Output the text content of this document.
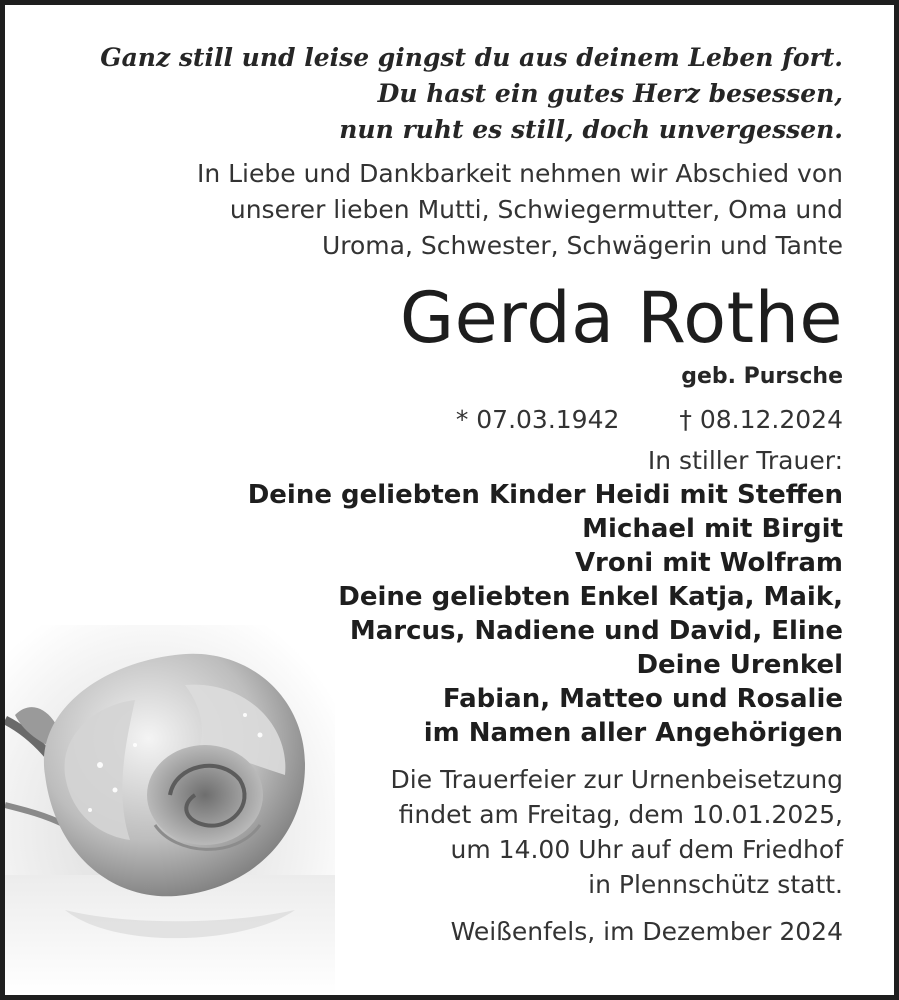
Ganz still und leise gingst du aus deinem Leben fort.
Du hast ein gutes Herz besessen,
nun ruht es still, doch unvergessen.
In Liebe und Dankbarkeit nehmen wir Abschied von
unserer lieben Mutti, Schwiegermutter, Oma und
Uroma, Schwester, Schwägerin und Tante
Gerda Rothe
geb. Pursche
* 07.03.1942 † 08.12.2024
In stiller Trauer:
Deine geliebten Kinder Heidi mit Steffen
Michael mit Birgit
Vroni mit Wolfram
Deine geliebten Enkel Katja, Maik,
Marcus, Nadiene und David, Eline
Deine Urenkel
Fabian, Matteo und Rosalie
im Namen aller Angehörigen
Die Trauerfeier zur Urnenbeisetzung
findet am Freitag, dem 10.01.2025,
um 14.00 Uhr auf dem Friedhof
in Plennschütz statt.
Weißenfels, im Dezember 2024
